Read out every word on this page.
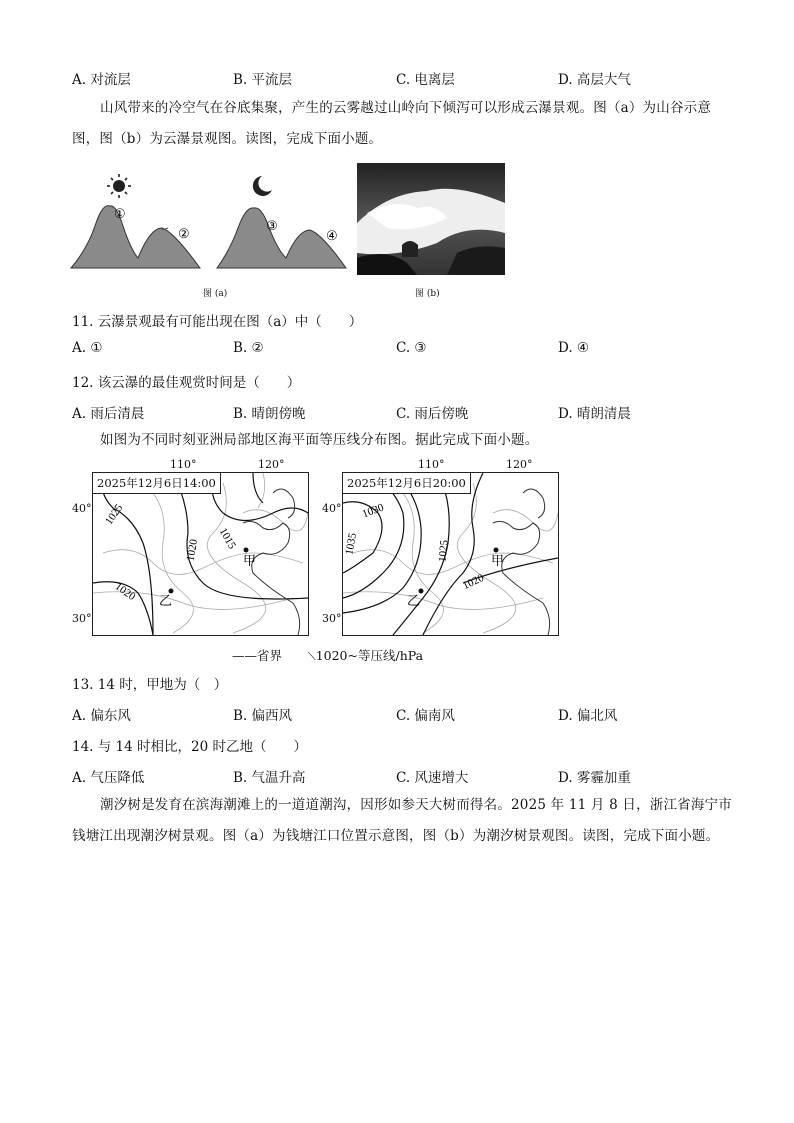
A. 对流层	B. 平流层	C. 电离层	D. 高层大气
山风带来的冷空气在谷底集聚，产生的云雾越过山岭向下倾泻可以形成云瀑景观。图（a）为山谷示意图，图（b）为云瀑景观图。读图，完成下面小题。
①
②
③
④
图 (a)	图 (b)
11. 云瀑景观最有可能出现在图（a）中（　　）
A. ①	B. ②	C. ③	D. ④
12. 该云瀑的最佳观赏时间是（　　）
A. 雨后清晨	B. 晴朗傍晚	C. 雨后傍晚	D. 晴朗清晨
如图为不同时刻亚洲局部地区海平面等压线分布图。据此完成下面小题。
110°	120°
40°
30°
1025
1020 1015
1020
甲
乙
2025年12月6日14:00
110°	120°
40°
30°
1030
1035	1025
1020
甲
乙
2025年12月6日20:00
——省界 ⟍1020~等压线/hPa
13. 14 时，甲地为（　）
A. 偏东风	B. 偏西风	C. 偏南风	D. 偏北风
14. 与 14 时相比，20 时乙地（　　）
A. 气压降低	B. 气温升高	C. 风速增大	D. 雾霾加重
潮汐树是发育在滨海潮滩上的一道道潮沟，因形如参天大树而得名。2025 年 11 月 8 日，浙江省海宁市钱塘江出现潮汐树景观。图（a）为钱塘江口位置示意图，图（b）为潮汐树景观图。读图，完成下面小题。
